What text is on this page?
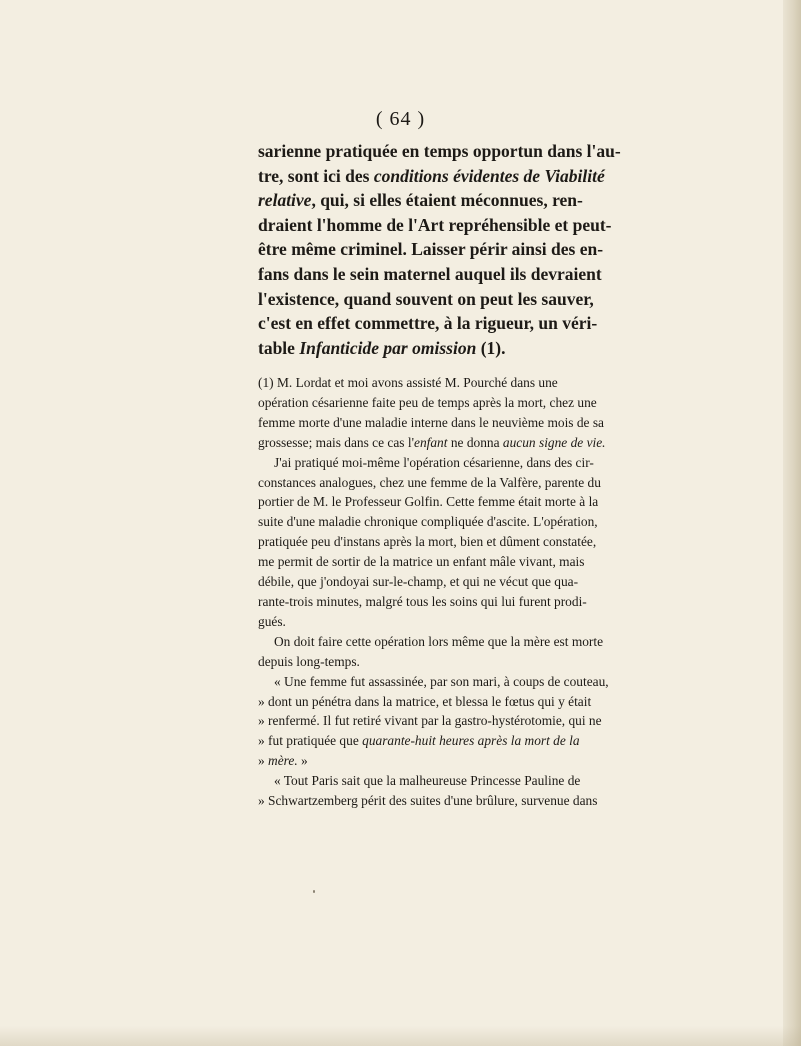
( 64 )
sarienne pratiquée en temps opportun dans l'au-
tre, sont ici des conditions évidentes de Viabilité
relative, qui, si elles étaient méconnues, ren-
draient l'homme de l'Art repréhensible et peut-
être même criminel. Laisser périr ainsi des en-
fans dans le sein maternel auquel ils devraient
l'existence, quand souvent on peut les sauver,
c'est en effet commettre, à la rigueur, un véri-
table Infanticide par omission (1).
(1) M. Lordat et moi avons assisté M. Pourché dans une
opération césarienne faite peu de temps après la mort, chez une
femme morte d'une maladie interne dans le neuvième mois de sa
grossesse; mais dans ce cas l'enfant ne donna aucun signe de vie.
J'ai pratiqué moi-même l'opération césarienne, dans des cir-
constances analogues, chez une femme de la Valfère, parente du
portier de M. le Professeur Golfin. Cette femme était morte à la
suite d'une maladie chronique compliquée d'ascite. L'opération,
pratiquée peu d'instans après la mort, bien et dûment constatée,
me permit de sortir de la matrice un enfant mâle vivant, mais
débile, que j'ondoyai sur-le-champ, et qui ne vécut que qua-
rante-trois minutes, malgré tous les soins qui lui furent prodi-
gués.
On doit faire cette opération lors même que la mère est morte
depuis long-temps.
« Une femme fut assassinée, par son mari, à coups de couteau,
» dont un pénétra dans la matrice, et blessa le fœtus qui y était
» renfermé. Il fut retiré vivant par la gastro-hystérotomie, qui ne
» fut pratiquée que quarante-huit heures après la mort de la
» mère. »
« Tout Paris sait que la malheureuse Princesse Pauline de
» Schwartzemberg périt des suites d'une brûlure, survenue dans
